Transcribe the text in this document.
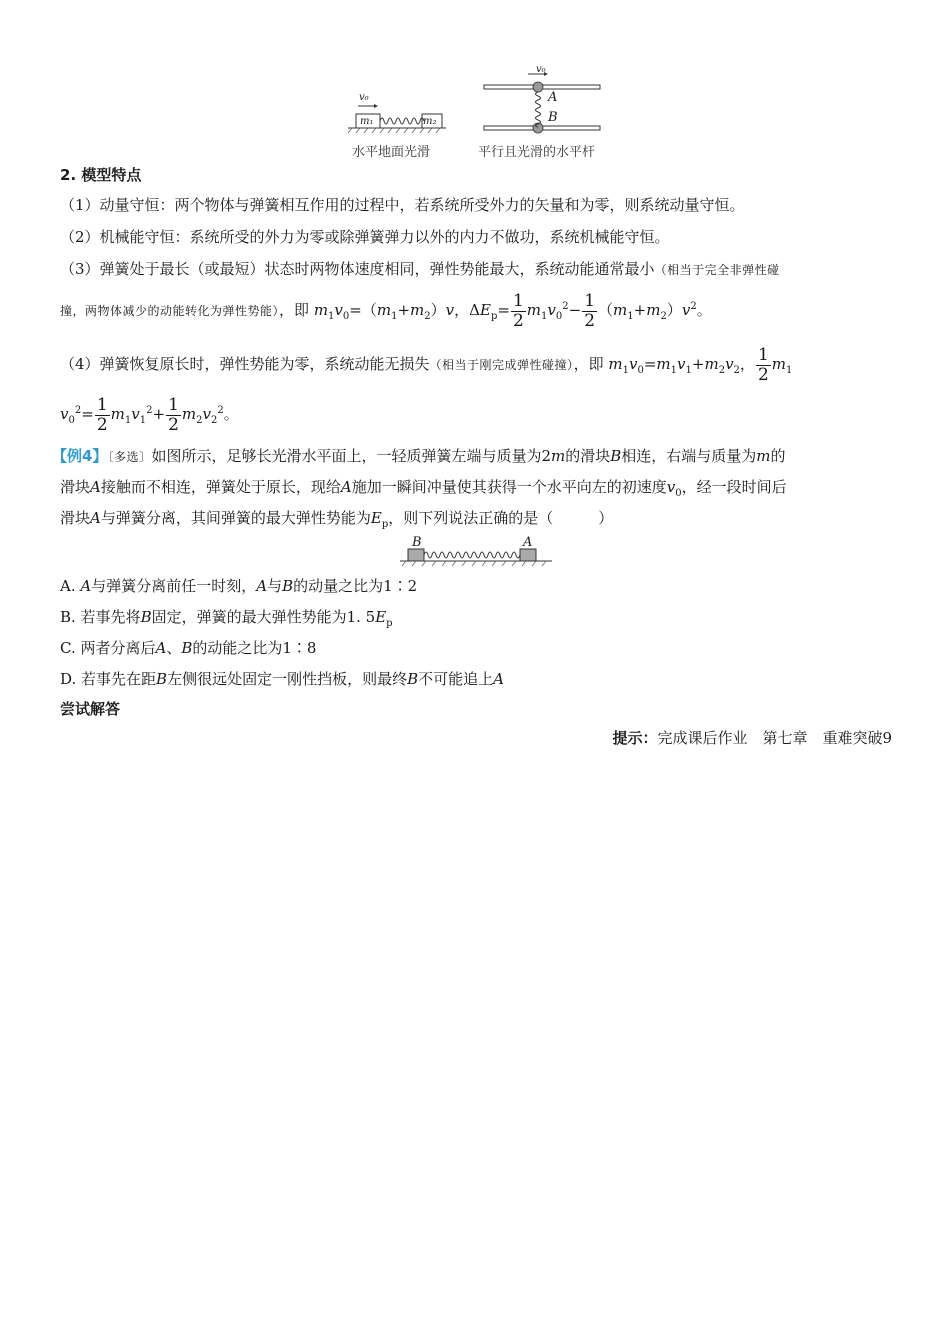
v₀
m₁	m₂
水平地面光滑
v₀
A
B
平行且光滑的水平杆
2. 模型特点
（1）动量守恒：两个物体与弹簧相互作用的过程中，若系统所受外力的矢量和为零，则系统动量守恒。
（2）机械能守恒：系统所受的外力为零或除弹簧弹力以外的内力不做功，系统机械能守恒。
（3）弹簧处于最长（或最短）状态时两物体速度相同，弹性势能最大，系统动能通常最小（相当于完全非弹性碰
撞，两物体减少的动能转化为弹性势能），即 $m_1v_0=(m_1+m_2)v$，$\Delta E_p= \frac{1}{2} m_1v_0^2- \frac{1}{2} (m_1+m_2)v^2$。
（4）弹簧恢复原长时，弹性势能为零，系统动能无损失（相当于刚完成弹性碰撞），即 $m_1v_0=m_1v_1+m_2v_2$， $\frac{1}{2} m_1$
$v_0^2= \frac{1}{2} m_1v_1^2+ \frac{1}{2} m_2v_2^2$。
【例4】〔多选〕如图所示，足够长光滑水平面上，一轻质弹簧左端与质量为2m的滑块B相连，右端与质量为m的
滑块A接触而不相连，弹簧处于原长，现给A施加一瞬间冲量使其获得一个水平向左的初速度$v_0$，经一段时间后
滑块A与弹簧分离，其间弹簧的最大弹性势能为$E_p$，则下列说法正确的是（　　　）
B	A
A. A与弹簧分离前任一时刻，A与B的动量之比为1∶2
B. 若事先将B固定，弹簧的最大弹性势能为1. $5E_p$
C. 两者分离后A、B的动能之比为1∶8
D. 若事先在距B左侧很远处固定一刚性挡板，则最终B不可能追上A
尝试解答
提示：完成课后作业　第七章　重难突破9
